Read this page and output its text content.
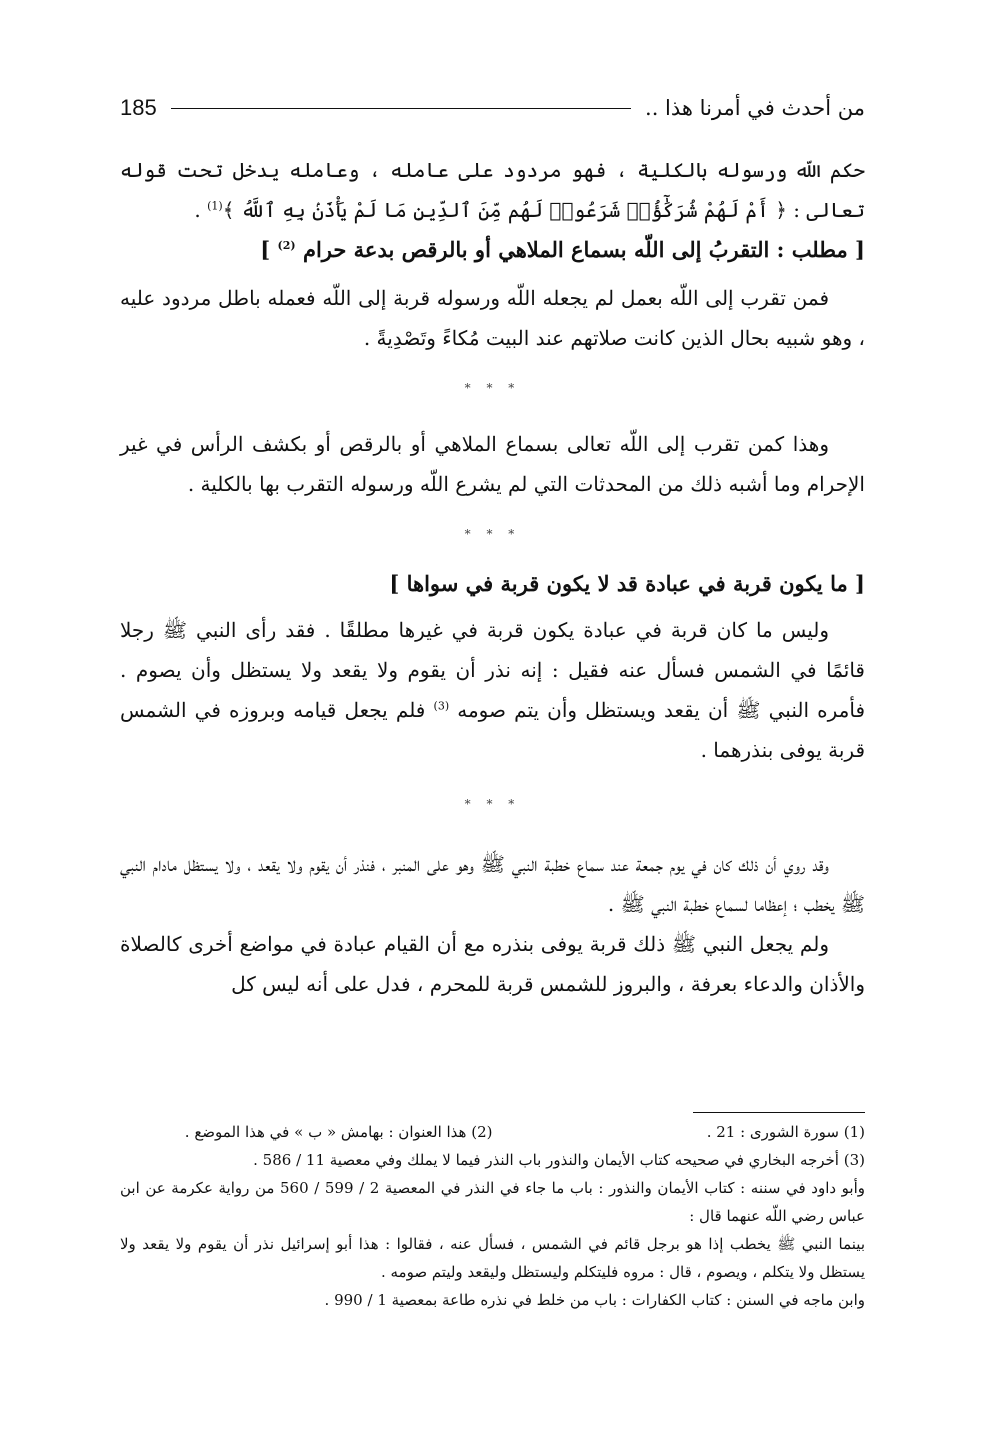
من أحدث في أمرنا هذا ..
185

حكم اللّه ورسوله بالكلية ، فهو مردود على عامله ، وعامله يدخل تحت قوله تعالى : ﴿ أَمْ لَهُمْ شُرَكَٰٓؤُا۟ شَرَعُوا۟ لَهُم مِّنَ ٱلدِّينِ مَا لَمْ يَأْذَنۢ بِهِ ٱللَّهُ ﴾$^{(1)}$ .

[ مطلب : التقربُ إلى اللّه بسماع الملاهي أو بالرقص بدعة حرام $^{(2)}$ ]

فمن تقرب إلى اللّه بعمل لم يجعله اللّه ورسوله قربة إلى اللّه فعمله باطل مردود عليه ، وهو شبيه بحال الذين كانت صلاتهم عند البيت مُكاءً وتَصْدِيةً .

* * *

وهذا كمن تقرب إلى اللّه تعالى بسماع الملاهي أو بالرقص أو بكشف الرأس في غير الإحرام وما أشبه ذلك من المحدثات التي لم يشرع اللّه ورسوله التقرب بها بالكلية .

* * *

[ ما يكون قربة في عبادة قد لا يكون قربة في سواها ]

وليس ما كان قربة في عبادة يكون قربة في غيرها مطلقًا . فقد رأى النبي ﷺ رجلا قائمًا في الشمس فسأل عنه فقيل : إنه نذر أن يقوم ولا يقعد ولا يستظل وأن يصوم . فأمره النبي ﷺ أن يقعد ويستظل وأن يتم صومه $^{(3)}$ فلم يجعل قيامه وبروزه في الشمس قربة يوفى بنذرهما .

* * *

وقد روي أن ذلك كان في يوم جمعة عند سماع خطبة النبي ﷺ وهو على المنبر ، فنذر أن يقوم ولا يقعد ، ولا يستظل مادام النبي ﷺ يخطب ؛ إعظاما لسماع خطبة النبي ﷺ .

ولم يجعل النبي ﷺ ذلك قربة يوفى بنذره مع أن القيام عبادة في مواضع أخرى كالصلاة والأذان والدعاء بعرفة ، والبروز للشمس قربة للمحرم ، فدل على أنه ليس كل

(1) سورة الشورى : 21 .
(2) هذا العنوان : بهامش « ب » في هذا الموضع .

(3) أخرجه البخاري في صحيحه كتاب الأيمان والنذور باب النذر فيما لا يملك وفي معصية 11 / 586 .

وأبو داود في سننه : كتاب الأيمان والنذور : باب ما جاء في النذر في المعصية 2 / 599 / 560 من رواية عكرمة عن ابن عباس رضي اللّه عنهما قال :

بينما النبي ﷺ يخطب إذا هو برجل قائم في الشمس ، فسأل عنه ، فقالوا : هذا أبو إسرائيل نذر أن يقوم ولا يقعد ولا يستظل ولا يتكلم ، ويصوم ، قال : مروه فليتكلم وليستظل وليقعد وليتم صومه .

وابن ماجه في السنن : كتاب الكفارات : باب من خلط في نذره طاعة بمعصية 1 / 990 .
